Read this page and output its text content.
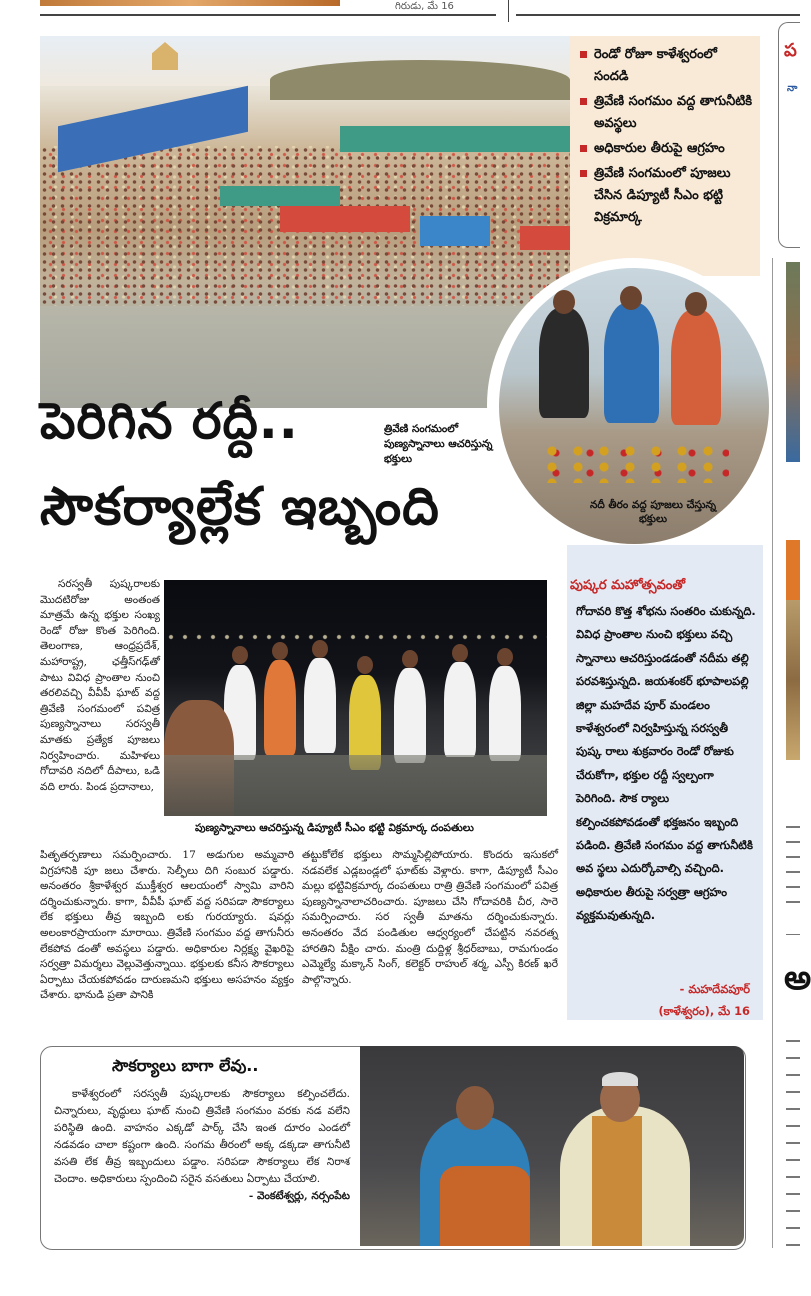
గిరుడు, మే 16
రెండో రోజూ కాళేశ్వరంలో సందడి
త్రివేణి సంగమం వద్ద తాగునీటికి అవస్థలు
అధికారుల తీరుపై ఆగ్రహం
త్రివేణి సంగమంలో పూజలు చేసిన డిప్యూటీ సీఎం భట్టి విక్రమార్క
నదీ తీరం వద్ద పూజలు చేస్తున్న భక్తులు
పెరిగిన రద్దీ..	త్రివేణి సంగమంలో పుణ్యస్నానాలు ఆచరిస్తున్న భక్తులు
సౌకర్యాల్లేక ఇబ్బంది

సరస్వతీ పుష్కరాలకు మొదటిరోజు అంతంత మాత్రమే ఉన్న భక్తుల సంఖ్య రెండో రోజు కొంత పెరిగింది. తెలంగాణ, ఆంధ్రప్రదేశ్, మహారాష్ట్ర, ఛత్తీస్‌గఢ్‌తో పాటు వివిధ ప్రాంతాల నుంచి తరలివచ్చి వీవీపీ ఘాట్ వద్ద త్రివేణి సంగమంలో పవిత్ర పుణ్యస్నానాలు సరస్వతీ మాతకు ప్రత్యేక పూజలు నిర్వహించారు. మహిళలు గోదావరి నదిలో దీపాలు, ఒడి వది లారు. పిండ ప్రదానాలు,

పుణ్యస్నానాలు ఆచరిస్తున్న డిప్యూటీ సీఎం భట్టి విక్రమార్క దంపతులు

పితృతర్పణాలు సమర్పించారు. 17 అడుగుల అమ్మవారి విగ్రహానికి పూ జలు చేశారు. సెల్ఫీలు దిగి సంబుర పడ్డారు. అనంతరం శ్రీకాళేశ్వర ముక్తీశ్వర ఆలయంలో స్వామి వారిని దర్శించుకున్నారు. కాగా, వీవీపీ ఘాట్ వద్ద సరిపడా సౌకర్యాలు లేక భక్తులు తీవ్ర ఇబ్బంది లకు గురయ్యారు. షవర్లు అలంకారప్రాయంగా మారాయి. త్రివేణి సంగమం వద్ద తాగునీరు లేకపోవ డంతో అవస్థలు పడ్డారు. అధికారుల నిర్లక్ష్య వైఖరిపై సర్వత్రా విమర్శలు వెల్లువెత్తున్నాయి. భక్తులకు కనీస సౌకర్యాలు ఏర్పాటు చేయకపోవడం దారుణమని భక్తులు అసహనం వ్యక్తం చేశారు. భానుడి ప్రతా పానికి

తట్టుకోలేక భక్తులు సొమ్మసిల్లిపోయారు. కొందరు ఇసుకలో నడవలేక ఎడ్లబండ్లలో ఘాట్‌కు వెళ్లారు. కాగా, డిప్యూటీ సీఎం మల్లు భట్టివిక్రమార్క దంపతులు రాత్రి త్రివేణి సంగమంలో పవిత్ర పుణ్యస్నానాలాచరించారు. పూజలు చేసి గోదావరికి చీర, సారె సమర్పించారు. సర స్వతీ మాతను దర్శించుకున్నారు. అనంతరం వేద పండితుల ఆధ్వర్యంలో చేపట్టిన నవరత్న హారతిని వీక్షిం చారు. మంత్రి దుద్దిళ్ల శ్రీధర్‌బాబు, రామగుండం ఎమ్మెల్యే మక్కాన్ సింగ్, కలెక్టర్ రాహుల్ శర్మ, ఎస్పీ కిరణ్ ఖరే పాల్గొన్నారు.

పుష్కర మహోత్సవంతో
గోదావరి కొత్త శోభను సంతరిం చుకున్నది. వివిధ ప్రాంతాల నుంచి భక్తులు వచ్చి స్నానాలు ఆచరిస్తుండడంతో నదీమ తల్లి పరవశిస్తున్నది. జయశంకర్ భూపాలపల్లి జిల్లా మహదేవ పూర్ మండలం కాళేశ్వరంలో నిర్వహిస్తున్న సరస్వతీ పుష్క రాలు శుక్రవారం రెండో రోజుకు చేరుకోగా, భక్తుల రద్దీ స్వల్పంగా పెరిగింది. సౌక ర్యాలు కల్పించకపోవడంతో భక్తజనం ఇబ్బంది పడింది. త్రివేణి సంగమం వద్ద తాగునీటికి అవ స్థలు ఎదుర్కోవాల్సి వచ్చింది. అధికారుల తీరుపై సర్వత్రా ఆగ్రహం వ్యక్తమవుతున్నది.
- మహదేవపూర్
(కాళేశ్వరం), మే 16
సౌకర్యాలు బాగా లేవు..

కాళేశ్వరంలో సరస్వతీ పుష్కరాలకు సౌకర్యాలు కల్పించలేదు. చిన్నారులు, వృద్ధులు ఘాట్ నుంచి త్రివేణి సంగమం వరకు నడ వలేని పరిస్థితి ఉంది. వాహనం ఎక్కడో పార్క్ చేసి ఇంత దూరం ఎండలో నడవడం చాలా కష్టంగా ఉంది. సంగమ తీరంలో అక్క డక్కడా తాగునీటి వసతి లేక తీవ్ర ఇబ్బందులు పడ్డాం. సరిపడా సౌకర్యాలు లేక నిరాశ చెందాం. అధికారులు స్పందించి సరైన వసతులు ఏర్పాటు చేయాలి.

- వెంకటేశ్వర్లు, నర్సంపేట
ప
నా
అ
